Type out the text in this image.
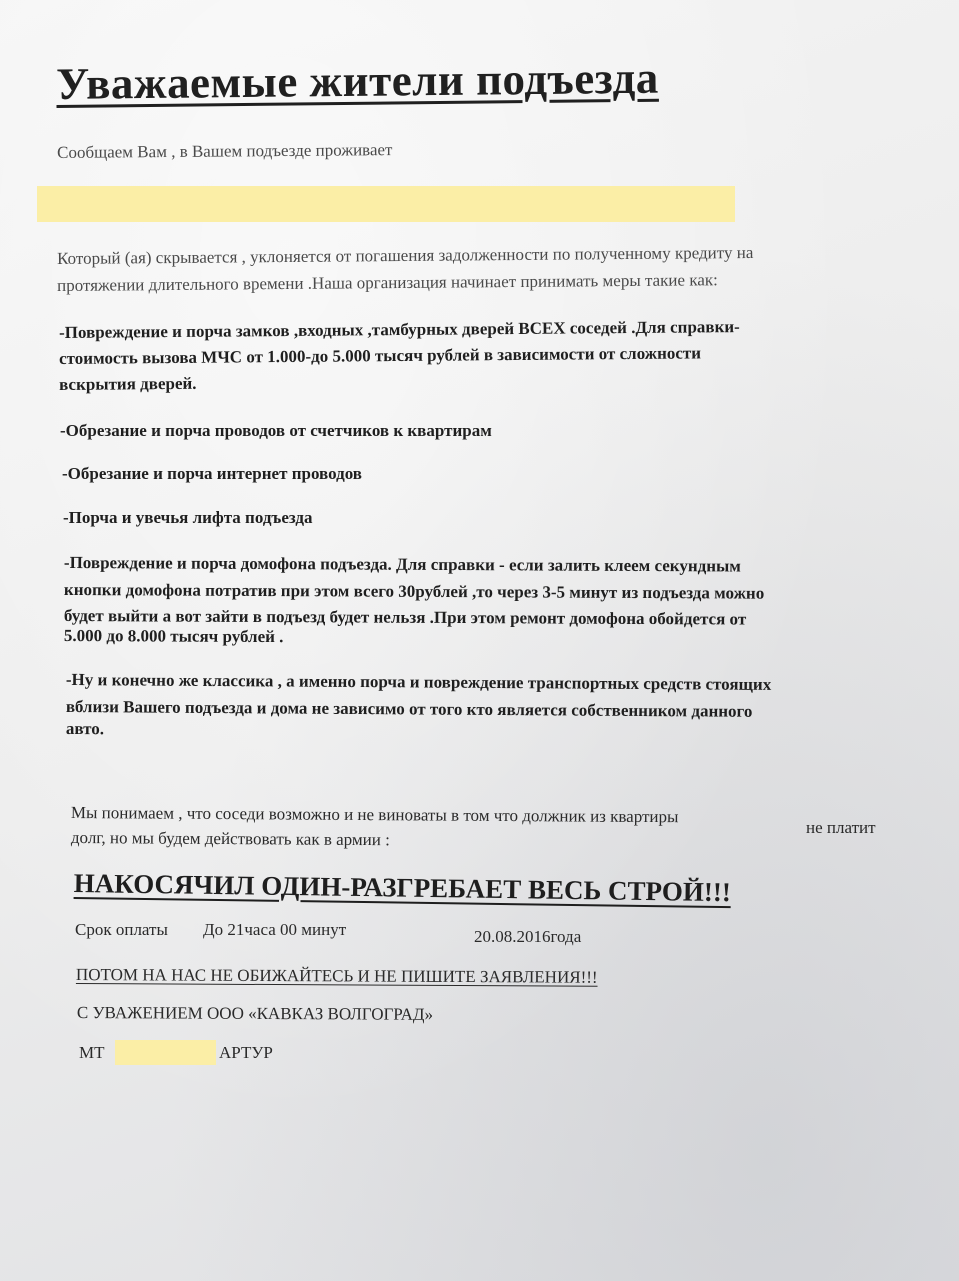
Уважаемые жители подъезда
Сообщаем Вам , в Вашем подъезде проживает
Который (ая) скрывается , уклоняется от погашения задолженности по полученному кредиту на
протяжении длительного времени .Наша организация начинает принимать меры такие как:
-Повреждение и порча замков ,входных ,тамбурных дверей ВСЕХ соседей .Для справки-
стоимость вызова МЧС от 1.000-до 5.000 тысяч рублей в зависимости от сложности
вскрытия дверей.
-Обрезание и порча проводов от счетчиков к квартирам
-Обрезание и порча интернет проводов
-Порча и увечья лифта подъезда
-Повреждение и порча домофона подъезда. Для справки - если залить клеем секундным
кнопки домофона потратив при этом всего 30рублей ,то через 3-5 минут из подъезда можно
будет выйти а вот зайти в подъезд будет нельзя .При этом ремонт домофона обойдется от
5.000 до 8.000 тысяч рублей .
-Ну и конечно же классика , а именно порча и повреждение транспортных средств стоящих
вблизи Вашего подъезда и дома не зависимо от того кто является собственником данного
авто.
Мы понимаем , что соседи возможно и не виноваты в том что должник из квартиры
не платит
долг, но мы будем действовать как в армии :
НАКОСЯЧИЛ ОДИН-РАЗГРЕБАЕТ ВЕСЬ СТРОЙ!!!
Срок оплаты До 21часа 00 минут	20.08.2016года
ПОТОМ НА НАС НЕ ОБИЖАЙТЕСЬ И НЕ ПИШИТЕ ЗАЯВЛЕНИЯ!!!
С УВАЖЕНИЕМ ООО «КАВКАЗ ВОЛГОГРАД»
МТ	АРТУР
